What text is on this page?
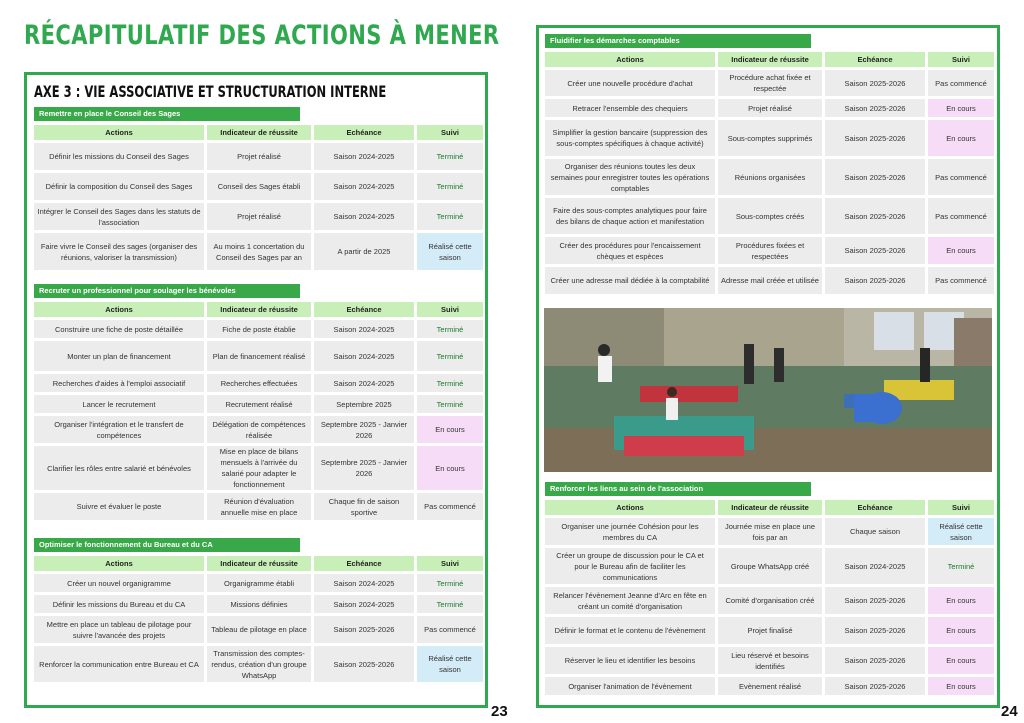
RÉCAPITULATIF DES ACTIONS À MENER
AXE 3 : VIE ASSOCIATIVE ET STRUCTURATION INTERNE
Remettre en place le Conseil des Sages
Actions	Indicateur de réussite	Echéance	Suivi
Définir les missions du Conseil des Sages	Projet réalisé	Saison 2024-2025	Terminé
Définir la composition du Conseil des Sages	Conseil des Sages établi	Saison 2024-2025	Terminé
Intégrer le Conseil des Sages dans les statuts de l'association	Projet réalisé	Saison 2024-2025	Terminé
Faire vivre le Conseil des sages (organiser des réunions, valoriser la transmission)	Au moins 1 concertation du Conseil des Sages par an	A partir de 2025	Réalisé cette saison
Recruter un professionnel pour soulager les bénévoles
Actions	Indicateur de réussite	Echéance	Suivi
Construire une fiche de poste détaillée	Fiche de poste établie	Saison 2024-2025	Terminé
Monter un plan de financement	Plan de financement réalisé	Saison 2024-2025	Terminé
Recherches d'aides à l'emploi associatif	Recherches effectuées	Saison 2024-2025	Terminé
Lancer le recrutement	Recrutement réalisé	Septembre 2025	Terminé
Organiser l'intégration et le transfert de compétences	Délégation de compétences réalisée	Septembre 2025 - Janvier 2026	En cours
Clarifier les rôles entre salarié et bénévoles	Mise en place de bilans mensuels à l'arrivée du salarié pour adapter le fonctionnement	Septembre 2025 - Janvier 2026	En cours
Suivre et évaluer le poste	Réunion d'évaluation annuelle mise en place	Chaque fin de saison sportive	Pas commencé
Optimiser le fonctionnement du Bureau et du CA
Actions	Indicateur de réussite	Echéance	Suivi
Créer un nouvel organigramme	Organigramme établi	Saison 2024-2025	Terminé
Définir les missions du Bureau et du CA	Missions définies	Saison 2024-2025	Terminé
Mettre en place un tableau de pilotage pour suivre l'avancée des projets	Tableau de pilotage en place	Saison 2025-2026	Pas commencé
Renforcer la communication entre Bureau et CA	Transmission des comptes-rendus, création d'un groupe WhatsApp	Saison 2025-2026	Réalisé cette saison
23
Fluidifier les démarches comptables
Actions	Indicateur de réussite	Echéance	Suivi
Créer une nouvelle procédure d'achat	Procédure achat fixée et respectée	Saison 2025-2026	Pas commencé
Retracer l'ensemble des chequiers	Projet réalisé	Saison 2025-2026	En cours
Simplifier la gestion bancaire (suppression des sous-comptes spécifiques à chaque activité)	Sous-comptes supprimés	Saison 2025-2026	En cours
Organiser des réunions toutes les deux semaines pour enregistrer toutes les opérations comptables	Réunions organisées	Saison 2025-2026	Pas commencé
Faire des sous-comptes analytiques pour faire des bilans de chaque action et manifestation	Sous-comptes créés	Saison 2025-2026	Pas commencé
Créer des procédures pour l'encaissement chèques et espèces	Procédures fixées et respectées	Saison 2025-2026	En cours
Créer une adresse mail dédiée à la comptabilité	Adresse mail créée et utilisée	Saison 2025-2026	Pas commencé
Renforcer les liens au sein de l'association
Actions	Indicateur de réussite	Echéance	Suivi
Organiser une journée Cohésion pour les membres du CA	Journée mise en place une fois par an	Chaque saison	Réalisé cette saison
Créer un groupe de discussion pour le CA et pour le Bureau afin de faciliter les communications	Groupe WhatsApp créé	Saison 2024-2025	Terminé
Relancer l'évènement Jeanne d'Arc en fête en créant un comité d'organisation	Comité d'organisation créé	Saison 2025-2026	En cours
Définir le format et le contenu de l'évènement	Projet finalisé	Saison 2025-2026	En cours
Réserver le lieu et identifier les besoins	Lieu réservé et besoins identifiés	Saison 2025-2026	En cours
Organiser l'animation de l'évènement	Evènement réalisé	Saison 2025-2026	En cours
24
